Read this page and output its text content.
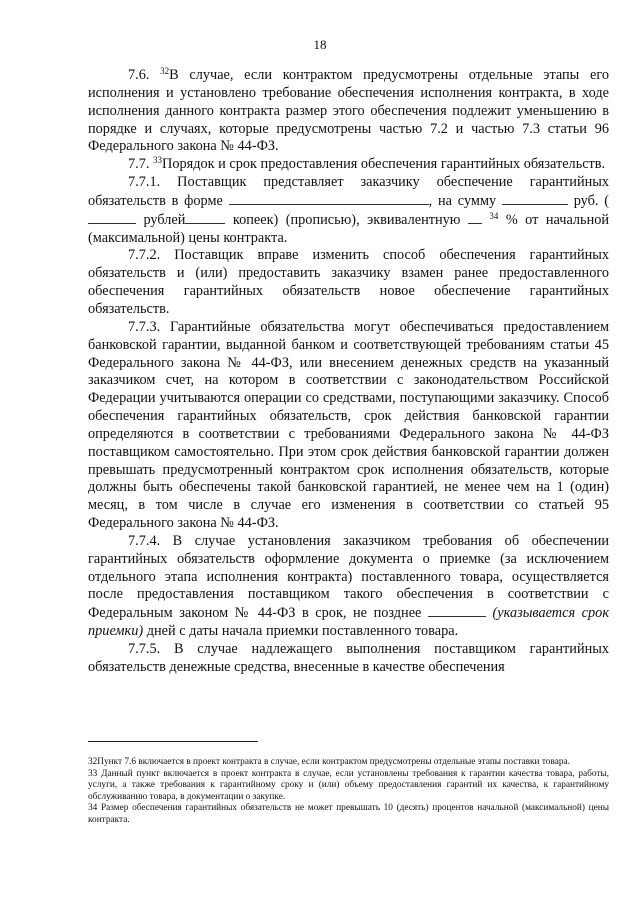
18

7.6. $^{32}$В случае, если контрактом предусмотрены отдельные этапы его исполнения и установлено требование обеспечения исполнения контракта, в ходе исполнения данного контракта размер этого обеспечения подлежит уменьшению в порядке и случаях, которые предусмотрены частью 7.2 и частью 7.3 статьи 96 Федерального закона № 44-ФЗ.

7.7. $^{33}$Порядок и срок предоставления обеспечения гарантийных обязательств.

7.7.1. Поставщик представляет заказчику обеспечение гарантийных обязательств в форме	, на сумму	руб. ( рублей	копеек) (прописью), эквивалентную	$^{34}$ % от начальной (максимальной) цены контракта.

7.7.2. Поставщик вправе изменить способ обеспечения гарантийных обязательств и (или) предоставить заказчику взамен ранее предоставленного обеспечения гарантийных обязательств новое обеспечение гарантийных обязательств.

7.7.3. Гарантийные обязательства могут обеспечиваться предоставлением банковской гарантии, выданной банком и соответствующей требованиям статьи 45 Федерального закона № 44-ФЗ, или внесением денежных средств на указанный заказчиком счет, на котором в соответствии с законодательством Российской Федерации учитываются операции со средствами, поступающими заказчику. Способ обеспечения гарантийных обязательств, срок действия банковской гарантии определяются в соответствии с требованиями Федерального закона № 44-ФЗ поставщиком самостоятельно. При этом срок действия банковской гарантии должен превышать предусмотренный контрактом срок исполнения обязательств, которые должны быть обеспечены такой банковской гарантией, не менее чем на 1 (один) месяц, в том числе в случае его изменения в соответствии со статьей 95 Федерального закона № 44-ФЗ.

7.7.4. В случае установления заказчиком требования об обеспечении гарантийных обязательств оформление документа о приемке (за исключением отдельного этапа исполнения контракта) поставленного товара, осуществляется после предоставления поставщиком такого обеспечения в соответствии с Федеральным законом № 44-ФЗ в срок, не позднее	(указывается срок приемки) дней с даты начала приемки поставленного товара.

7.7.5. В случае надлежащего выполнения поставщиком гарантийных обязательств денежные средства, внесенные в качестве обеспечения

32Пункт 7.6 включается в проект контракта в случае, если контрактом предусмотрены отдельные этапы поставки товара.

33 Данный пункт включается в проект контракта в случае, если установлены требования к гарантии качества товара, работы, услуги, а также требования к гарантийному сроку и (или) объему предоставления гарантий их качества, к гарантийному обслуживанию товара, в документации о закупке.

34 Размер обеспечения гарантийных обязательств не может превышать 10 (десять) процентов начальной (максимальной) цены контракта.
